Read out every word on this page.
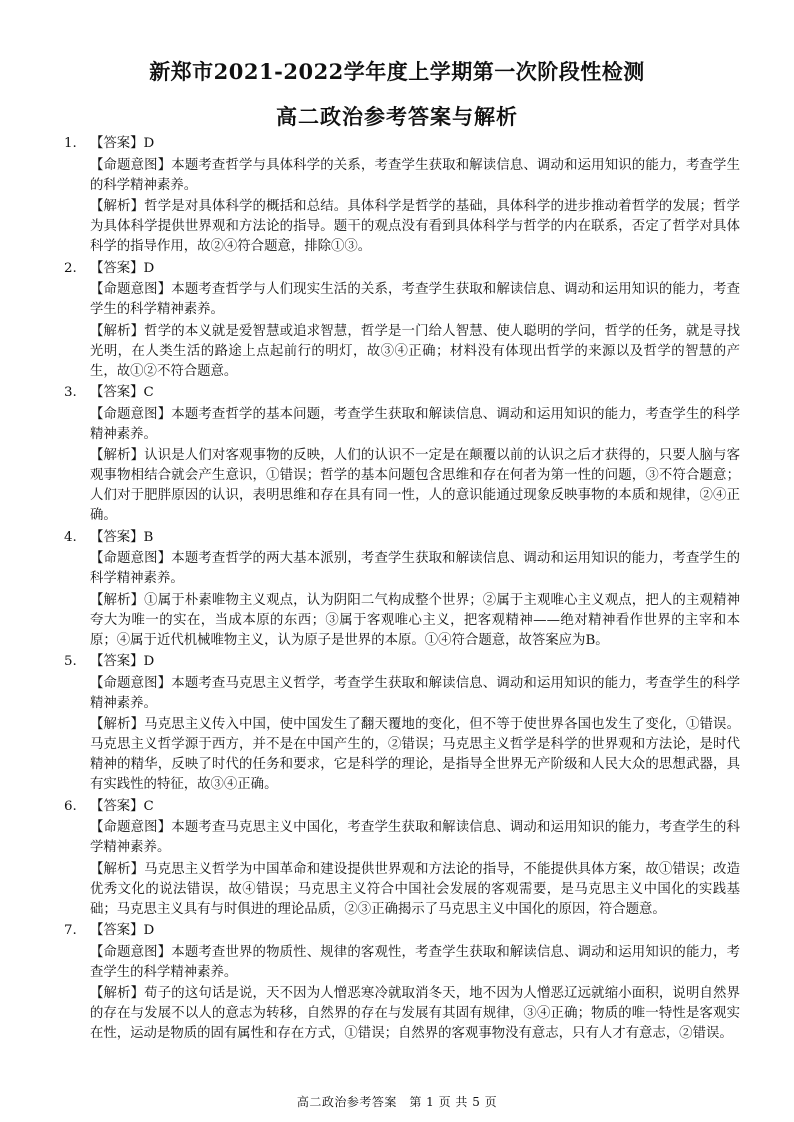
新郑市2021-2022学年度上学期第一次阶段性检测
高二政治参考答案与解析
1. 【答案】D
【命题意图】本题考查哲学与具体科学的关系，考查学生获取和解读信息、调动和运用知识的能力，考查学生的科学精神素养。
【解析】哲学是对具体科学的概括和总结。具体科学是哲学的基础，具体科学的进步推动着哲学的发展；哲学为具体科学提供世界观和方法论的指导。题干的观点没有看到具体科学与哲学的内在联系，否定了哲学对具体科学的指导作用，故②④符合题意，排除①③。
2. 【答案】D
【命题意图】本题考查哲学与人们现实生活的关系，考查学生获取和解读信息、调动和运用知识的能力，考查学生的科学精神素养。
【解析】哲学的本义就是爱智慧或追求智慧，哲学是一门给人智慧、使人聪明的学问，哲学的任务，就是寻找光明，在人类生活的路途上点起前行的明灯，故③④正确；材料没有体现出哲学的来源以及哲学的智慧的产生，故①②不符合题意。
3. 【答案】C
【命题意图】本题考查哲学的基本问题，考查学生获取和解读信息、调动和运用知识的能力，考查学生的科学精神素养。
【解析】认识是人们对客观事物的反映，人们的认识不一定是在颠覆以前的认识之后才获得的，只要人脑与客观事物相结合就会产生意识，①错误；哲学的基本问题包含思维和存在何者为第一性的问题，③不符合题意；人们对于肥胖原因的认识，表明思维和存在具有同一性，人的意识能通过现象反映事物的本质和规律，②④正确。
4. 【答案】B
【命题意图】本题考查哲学的两大基本派别，考查学生获取和解读信息、调动和运用知识的能力，考查学生的科学精神素养。
【解析】①属于朴素唯物主义观点，认为阴阳二气构成整个世界；②属于主观唯心主义观点，把人的主观精神夸大为唯一的实在，当成本原的东西；③属于客观唯心主义，把客观精神——绝对精神看作世界的主宰和本原；④属于近代机械唯物主义，认为原子是世界的本原。①④符合题意，故答案应为B。
5. 【答案】D
【命题意图】本题考查马克思主义哲学，考查学生获取和解读信息、调动和运用知识的能力，考查学生的科学精神素养。
【解析】马克思主义传入中国，使中国发生了翻天覆地的变化，但不等于使世界各国也发生了变化，①错误。马克思主义哲学源于西方，并不是在中国产生的，②错误；马克思主义哲学是科学的世界观和方法论，是时代精神的精华，反映了时代的任务和要求，它是科学的理论，是指导全世界无产阶级和人民大众的思想武器，具有实践性的特征，故③④正确。
6. 【答案】C
【命题意图】本题考查马克思主义中国化，考查学生获取和解读信息、调动和运用知识的能力，考查学生的科学精神素养。
【解析】马克思主义哲学为中国革命和建设提供世界观和方法论的指导，不能提供具体方案，故①错误；改造优秀文化的说法错误，故④错误；马克思主义符合中国社会发展的客观需要，是马克思主义中国化的实践基础；马克思主义具有与时俱进的理论品质，②③正确揭示了马克思主义中国化的原因，符合题意。
7. 【答案】D
【命题意图】本题考查世界的物质性、规律的客观性，考查学生获取和解读信息、调动和运用知识的能力，考查学生的科学精神素养。
【解析】荀子的这句话是说，天不因为人憎恶寒冷就取消冬天，地不因为人憎恶辽远就缩小面积，说明自然界的存在与发展不以人的意志为转移，自然界的存在与发展有其固有规律，③④正确；物质的唯一特性是客观实在性，运动是物质的固有属性和存在方式，①错误；自然界的客观事物没有意志，只有人才有意志，②错误。
高二政治参考答案　第 1 页 共 5 页
